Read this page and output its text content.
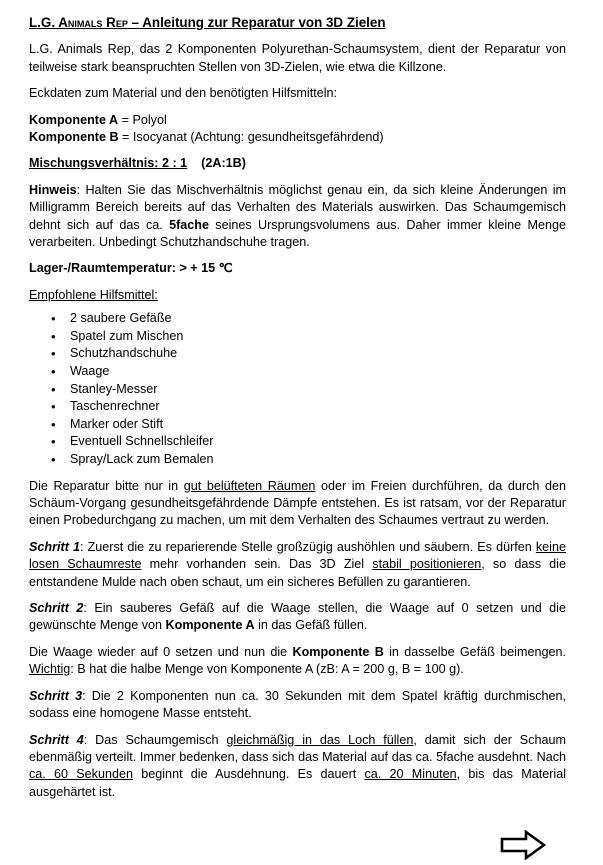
L.G. Animals Rep – Anleitung zur Reparatur von 3D Zielen

L.G. Animals Rep, das 2 Komponenten Polyurethan-Schaumsystem, dient der Reparatur von teilweise stark beanspruchten Stellen von 3D-Zielen, wie etwa die Killzone.

Eckdaten zum Material und den benötigten Hilfsmitteln:

Komponente A = Polyol
Komponente B = Isocyanat (Achtung: gesundheitsgefährdend)
Mischungsverhältnis: 2 : 1 (2A:1B)

Hinweis: Halten Sie das Mischverhältnis möglichst genau ein, da sich kleine Änderungen im Milligramm Bereich bereits auf das Verhalten des Materials auswirken. Das Schaumgemisch dehnt sich auf das ca. 5fache seines Ursprungsvolumens aus. Daher immer kleine Menge verarbeiten. Unbedingt Schutzhandschuhe tragen.

Lager-/Raumtemperatur: > + 15 ℃

Empfohlene Hilfsmittel:

• 2 saubere Gefäße
• Spatel zum Mischen
• Schutzhandschuhe
• Waage
• Stanley-Messer
• Taschenrechner
• Marker oder Stift
• Eventuell Schnellschleifer
• Spray/Lack zum Bemalen

Die Reparatur bitte nur in gut belüfteten Räumen oder im Freien durchführen, da durch den Schäum-Vorgang gesundheitsgefährdende Dämpfe entstehen. Es ist ratsam, vor der Reparatur einen Probedurchgang zu machen, um mit dem Verhalten des Schaumes vertraut zu werden.

Schritt 1: Zuerst die zu reparierende Stelle großzügig aushöhlen und säubern. Es dürfen keine losen Schaumreste mehr vorhanden sein. Das 3D Ziel stabil positionieren, so dass die entstandene Mulde nach oben schaut, um ein sicheres Befüllen zu garantieren.

Schritt 2: Ein sauberes Gefäß auf die Waage stellen, die Waage auf 0 setzen und die gewünschte Menge von Komponente A in das Gefäß füllen.

Die Waage wieder auf 0 setzen und nun die Komponente B in dasselbe Gefäß beimengen. Wichtig: B hat die halbe Menge von Komponente A (zB: A = 200 g, B = 100 g).

Schritt 3: Die 2 Komponenten nun ca. 30 Sekunden mit dem Spatel kräftig durchmischen, sodass eine homogene Masse entsteht.

Schritt 4: Das Schaumgemisch gleichmäßig in das Loch füllen, damit sich der Schaum ebenmäßig verteilt. Immer bedenken, dass sich das Material auf das ca. 5fache ausdehnt. Nach ca. 60 Sekunden beginnt die Ausdehnung. Es dauert ca. 20 Minuten, bis das Material ausgehärtet ist.
